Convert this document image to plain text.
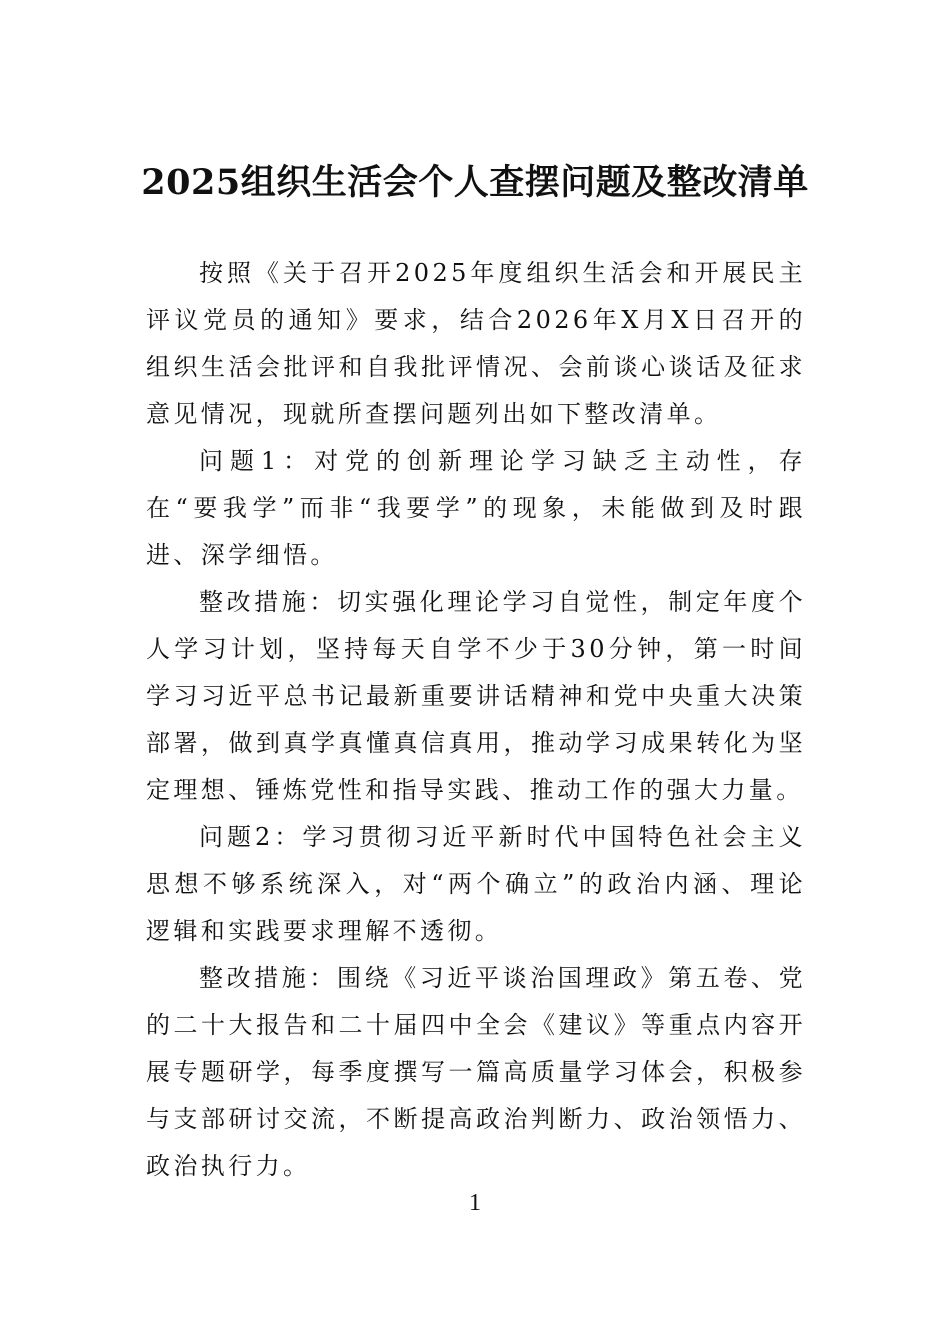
2025组织生活会个人查摆问题及整改清单

按照《关于召开2025年度组织生活会和开展民主评议党员的通知》要求，结合2026年X月X日召开的组织生活会批评和自我批评情况、会前谈心谈话及征求意见情况，现就所查摆问题列出如下整改清单。

问题1：对党的创新理论学习缺乏主动性，存在“要我学”而非“我要学”的现象，未能做到及时跟进、深学细悟。

整改措施：切实强化理论学习自觉性，制定年度个人学习计划，坚持每天自学不少于30分钟，第一时间学习习近平总书记最新重要讲话精神和党中央重大决策部署，做到真学真懂真信真用，推动学习成果转化为坚定理想、锤炼党性和指导实践、推动工作的强大力量。

问题2：学习贯彻习近平新时代中国特色社会主义思想不够系统深入，对“两个确立”的政治内涵、理论逻辑和实践要求理解不透彻。

整改措施：围绕《习近平谈治国理政》第五卷、党的二十大报告和二十届四中全会《建议》等重点内容开展专题研学，每季度撰写一篇高质量学习体会，积极参与支部研讨交流，不断提高政治判断力、政治领悟力、政治执行力。

1
